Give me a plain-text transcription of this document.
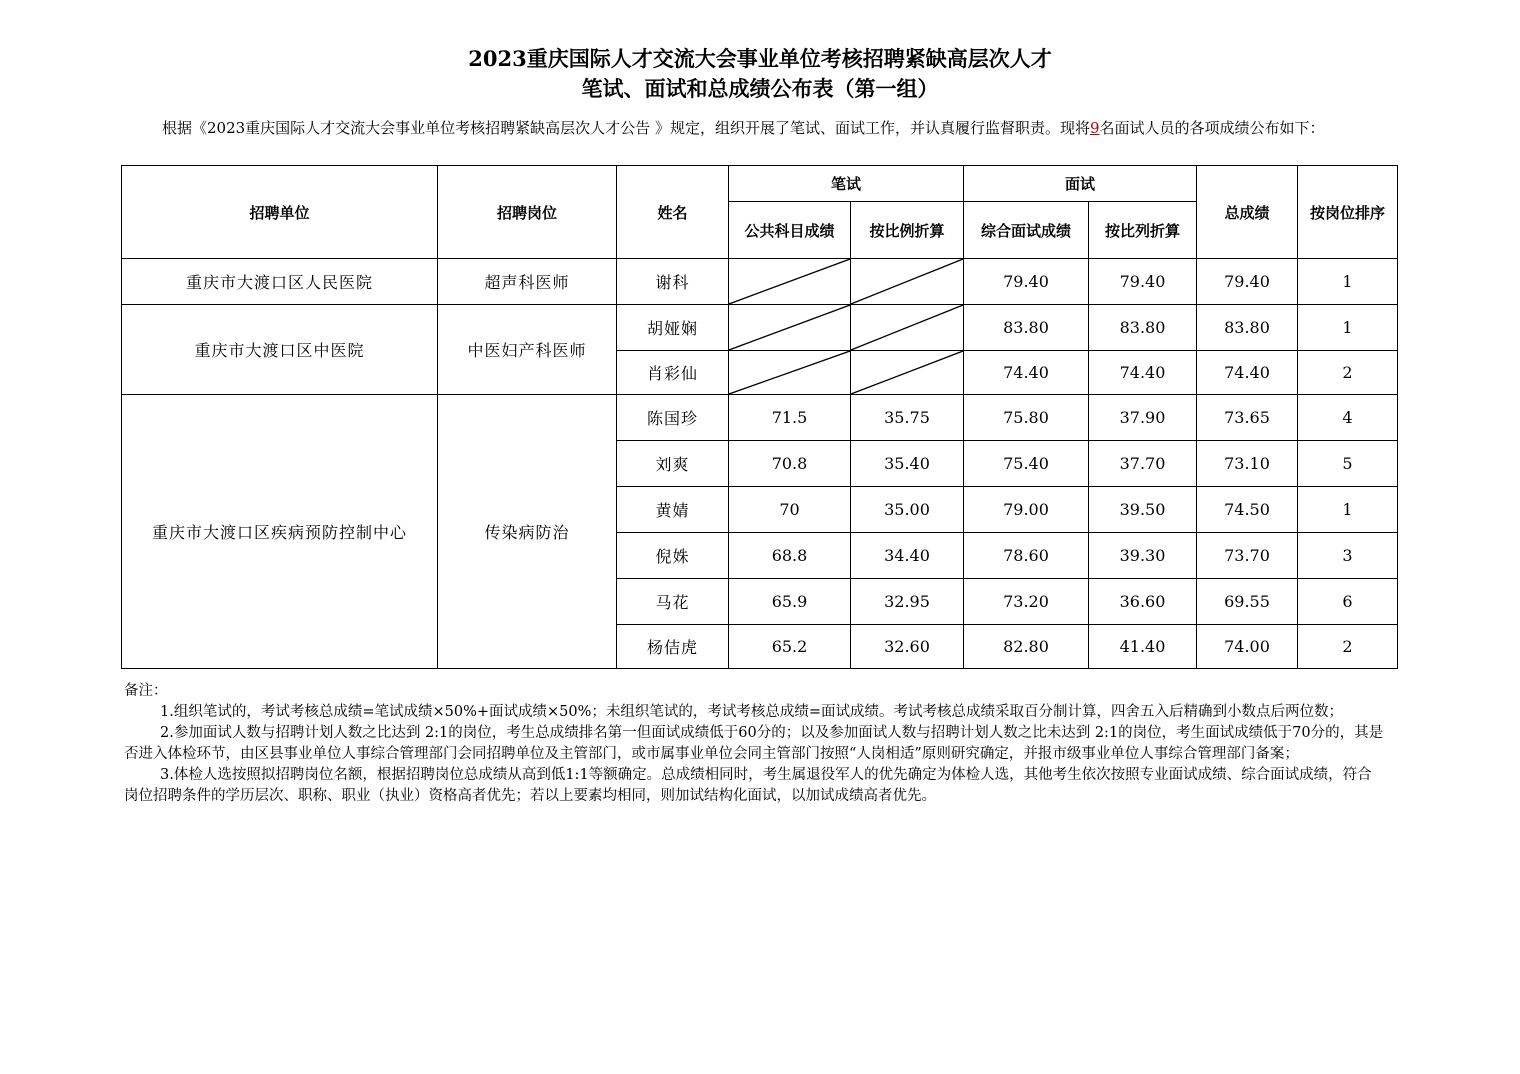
2023重庆国际人才交流大会事业单位考核招聘紧缺高层次人才
笔试、面试和总成绩公布表（第一组）
根据《2023重庆国际人才交流大会事业单位考核招聘紧缺高层次人才公告 》规定，组织开展了笔试、面试工作，并认真履行监督职责。现将9名面试人员的各项成绩公布如下：
招聘单位	招聘岗位	姓名	笔试		面试		总成绩	按岗位排序
			公共科目成绩	按比例折算	综合面试成绩	按比列折算		
重庆市大渡口区人民医院	超声科医师	谢科			79.40	79.40	79.40	1
重庆市大渡口区中医院	中医妇产科医师	胡娅娴			83.80	83.80	83.80	1
		肖彩仙			74.40	74.40	74.40	2
重庆市大渡口区疾病预防控制中心	传染病防治	陈国珍	71.5	35.75	75.80	37.90	73.65	4
		刘爽	70.8	35.40	75.40	37.70	73.10	5
		黄婧	70	35.00	79.00	39.50	74.50	1
		倪姝	68.8	34.40	78.60	39.30	73.70	3
		马花	65.9	32.95	73.20	36.60	69.55	6
		杨佶虎	65.2	32.60	82.80	41.40	74.00	2

备注：

1.组织笔试的，考试考核总成绩=笔试成绩×50%+面试成绩×50%；未组织笔试的，考试考核总成绩=面试成绩。考试考核总成绩采取百分制计算，四舍五入后精确到小数点后两位数；

2.参加面试人数与招聘计划人数之比达到 2:1的岗位，考生总成绩排名第一但面试成绩低于60分的；以及参加面试人数与招聘计划人数之比未达到 2:1的岗位，考生面试成绩低于70分的，其是否进入体检环节，由区县事业单位人事综合管理部门会同招聘单位及主管部门，或市属事业单位会同主管部门按照“人岗相适”原则研究确定，并报市级事业单位人事综合管理部门备案；

3.体检人选按照拟招聘岗位名额，根据招聘岗位总成绩从高到低1:1等额确定。总成绩相同时，考生属退役军人的优先确定为体检人选，其他考生依次按照专业面试成绩、综合面试成绩，符合岗位招聘条件的学历层次、职称、职业（执业）资格高者优先；若以上要素均相同，则加试结构化面试，以加试成绩高者优先。
